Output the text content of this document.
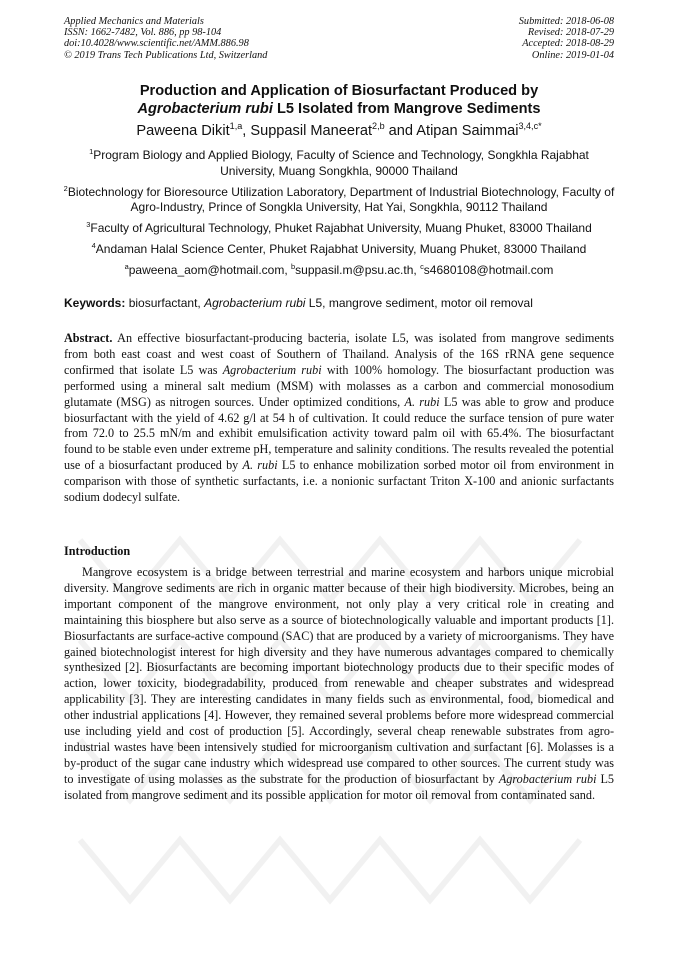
Applied Mechanics and Materials
ISSN: 1662-7482, Vol. 886, pp 98-104
doi:10.4028/www.scientific.net/AMM.886.98
© 2019 Trans Tech Publications Ltd, Switzerland
Submitted: 2018-06-08
Revised: 2018-07-29
Accepted: 2018-08-29
Online: 2019-01-04
Production and Application of Biosurfactant Produced by
Agrobacterium rubi L5 Isolated from Mangrove Sediments
Paweena Dikit$^{1,a}$, Suppasil Maneerat$^{2,b}$ and Atipan Saimmai$^{3,4,c*}$
$^1$Program Biology and Applied Biology, Faculty of Science and Technology, Songkhla Rajabhat University, Muang Songkhla, 90000 Thailand
$^2$Biotechnology for Bioresource Utilization Laboratory, Department of Industrial Biotechnology, Faculty of Agro-Industry, Prince of Songkla University, Hat Yai, Songkhla, 90112 Thailand
$^3$Faculty of Agricultural Technology, Phuket Rajabhat University, Muang Phuket, 83000 Thailand
$^4$Andaman Halal Science Center, Phuket Rajabhat University, Muang Phuket, 83000 Thailand
$^a$paweena_aom@hotmail.com, $^b$suppasil.m@psu.ac.th, $^c$s4680108@hotmail.com
Keywords: biosurfactant, Agrobacterium rubi L5, mangrove sediment, motor oil removal
Abstract. An effective biosurfactant-producing bacteria, isolate L5, was isolated from mangrove sediments from both east coast and west coast of Southern of Thailand. Analysis of the 16S rRNA gene sequence confirmed that isolate L5 was Agrobacterium rubi with 100% homology. The biosurfactant production was performed using a mineral salt medium (MSM) with molasses as a carbon and commercial monosodium glutamate (MSG) as nitrogen sources. Under optimized conditions, A. rubi L5 was able to grow and produce biosurfactant with the yield of 4.62 g/l at 54 h of cultivation. It could reduce the surface tension of pure water from 72.0 to 25.5 mN/m and exhibit emulsification activity toward palm oil with 65.4%. The biosurfactant found to be stable even under extreme pH, temperature and salinity conditions. The results revealed the potential use of a biosurfactant produced by A. rubi L5 to enhance mobilization sorbed motor oil from environment in comparison with those of synthetic surfactants, i.e. a nonionic surfactant Triton X-100 and anionic surfactants sodium dodecyl sulfate.
Introduction
Mangrove ecosystem is a bridge between terrestrial and marine ecosystem and harbors unique microbial diversity. Mangrove sediments are rich in organic matter because of their high biodiversity. Microbes, being an important component of the mangrove environment, not only play a very critical role in creating and maintaining this biosphere but also serve as a source of biotechnologically valuable and important products [1]. Biosurfactants are surface-active compound (SAC) that are produced by a variety of microorganisms. They have gained biotechnologist interest for high diversity and they have numerous advantages compared to chemically synthesized [2]. Biosurfactants are becoming important biotechnology products due to their specific modes of action, lower toxicity, biodegradability, produced from renewable and cheaper substrates and widespread applicability [3]. They are interesting candidates in many fields such as environmental, food, biomedical and other industrial applications [4]. However, they remained several problems before more widespread commercial use including yield and cost of production [5]. Accordingly, several cheap renewable substrates from agro-industrial wastes have been intensively studied for microorganism cultivation and surfactant [6]. Molasses is a by-product of the sugar cane industry which widespread use compared to other sources. The current study was to investigate of using molasses as the substrate for the production of biosurfactant by Agrobacterium rubi L5 isolated from mangrove sediment and its possible application for motor oil removal from contaminated sand.
